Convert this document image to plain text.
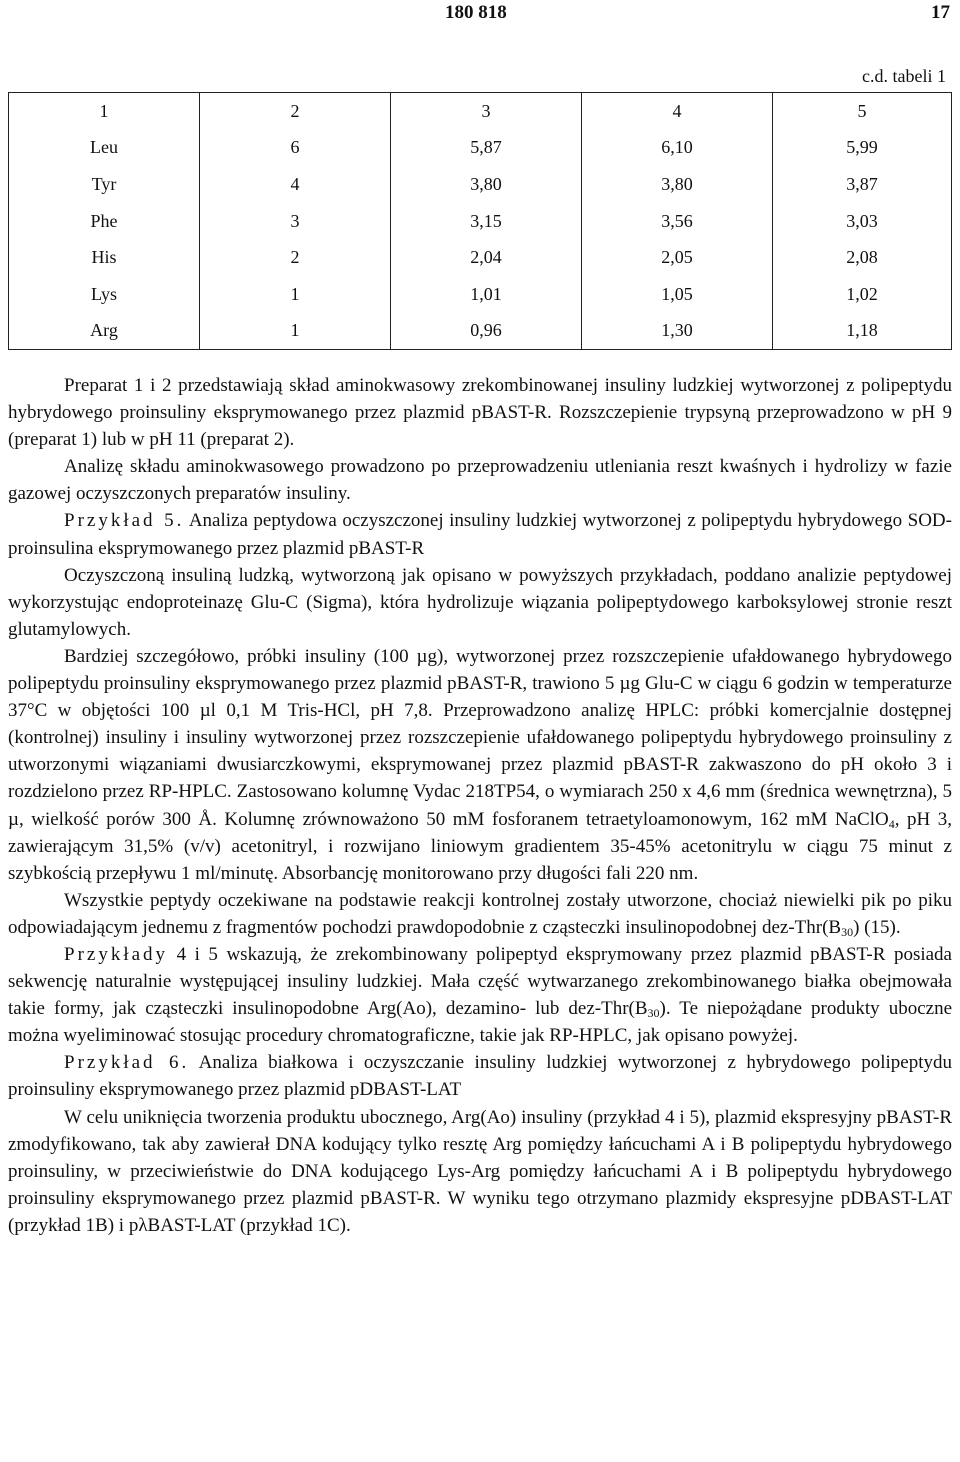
180 818	17
c.d. tabeli 1
1	2	3	4	5
Leu	6	5,87	6,10	5,99
Tyr	4	3,80	3,80	3,87
Phe	3	3,15	3,56	3,03
His	2	2,04	2,05	2,08
Lys	1	1,01	1,05	1,02
Arg	1	0,96	1,30	1,18

Preparat 1 i 2 przedstawiają skład aminokwasowy zrekombinowanej insuliny ludzkiej wytworzonej z polipeptydu hybrydowego proinsuliny eksprymowanego przez plazmid pBAST-R. Rozszczepienie trypsyną przeprowadzono w pH 9 (preparat 1) lub w pH 11 (preparat 2).

Analizę składu aminokwasowego prowadzono po przeprowadzeniu utleniania reszt kwaśnych i hydrolizy w fazie gazowej oczyszczonych preparatów insuliny.

Przykład 5. Analiza peptydowa oczyszczonej insuliny ludzkiej wytworzonej z polipeptydu hybrydowego SOD-proinsulina eksprymowanego przez plazmid pBAST-R

Oczyszczoną insuliną ludzką, wytworzoną jak opisano w powyższych przykładach, poddano analizie peptydowej wykorzystując endoproteinazę Glu-C (Sigma), która hydrolizuje wiązania polipeptydowego karboksylowej stronie reszt glutamylowych.

Bardziej szczegółowo, próbki insuliny (100 µg), wytworzonej przez rozszczepienie ufałdowanego hybrydowego polipeptydu proinsuliny eksprymowanego przez plazmid pBAST-R, trawiono 5 µg Glu-C w ciągu 6 godzin w temperaturze 37°C w objętości 100 µl 0,1 M Tris-HCl, pH 7,8. Przeprowadzono analizę HPLC: próbki komercjalnie dostępnej (kontrolnej) insuliny i insuliny wytworzonej przez rozszczepienie ufałdowanego polipeptydu hybrydowego proinsuliny z utworzonymi wiązaniami dwusiarczkowymi, eksprymowanej przez plazmid pBAST-R zakwaszono do pH około 3 i rozdzielono przez RP-HPLC. Zastosowano kolumnę Vydac 218TP54, o wymiarach 250 x 4,6 mm (średnica wewnętrzna), 5 µ, wielkość porów 300 Å. Kolumnę zrównoważono 50 mM fosforanem tetraetyloamonowym, 162 mM NaClO$_4$, pH 3, zawierającym 31,5% (v/v) acetonitryl, i rozwijano liniowym gradientem 35-45% acetonitrylu w ciągu 75 minut z szybkością przepływu 1 ml/minutę. Absorbancję monitorowano przy długości fali 220 nm.

Wszystkie peptydy oczekiwane na podstawie reakcji kontrolnej zostały utworzone, chociaż niewielki pik po piku odpowiadającym jednemu z fragmentów pochodzi prawdopodobnie z cząsteczki insulinopodobnej dez-$Thr(B_{30})$ (15).

Przykłady 4 i 5 wskazują, że zrekombinowany polipeptyd eksprymowany przez plazmid pBAST-R posiada sekwencję naturalnie występującej insuliny ludzkiej. Mała część wytwarzanego zrekombinowanego białka obejmowała takie formy, jak cząsteczki insulinopodobne Arg(Ao), dezamino- lub dez-$Thr(B_{30})$. Te niepożądane produkty uboczne można wyeliminować stosując procedury chromatograficzne, takie jak RP-HPLC, jak opisano powyżej.

Przykład 6. Analiza białkowa i oczyszczanie insuliny ludzkiej wytworzonej z hybrydowego polipeptydu proinsuliny eksprymowanego przez plazmid pDBAST-LAT

W celu uniknięcia tworzenia produktu ubocznego, Arg(Ao) insuliny (przykład 4 i 5), plazmid ekspresyjny pBAST-R zmodyfikowano, tak aby zawierał DNA kodujący tylko resztę Arg pomiędzy łańcuchami A i B polipeptydu hybrydowego proinsuliny, w przeciwieństwie do DNA kodującego Lys-Arg pomiędzy łańcuchami A i B polipeptydu hybrydowego proinsuliny eksprymowanego przez plazmid pBAST-R. W wyniku tego otrzymano plazmidy ekspresyjne pDBAST-LAT (przykład 1B) i pλBAST-LAT (przykład 1C).
